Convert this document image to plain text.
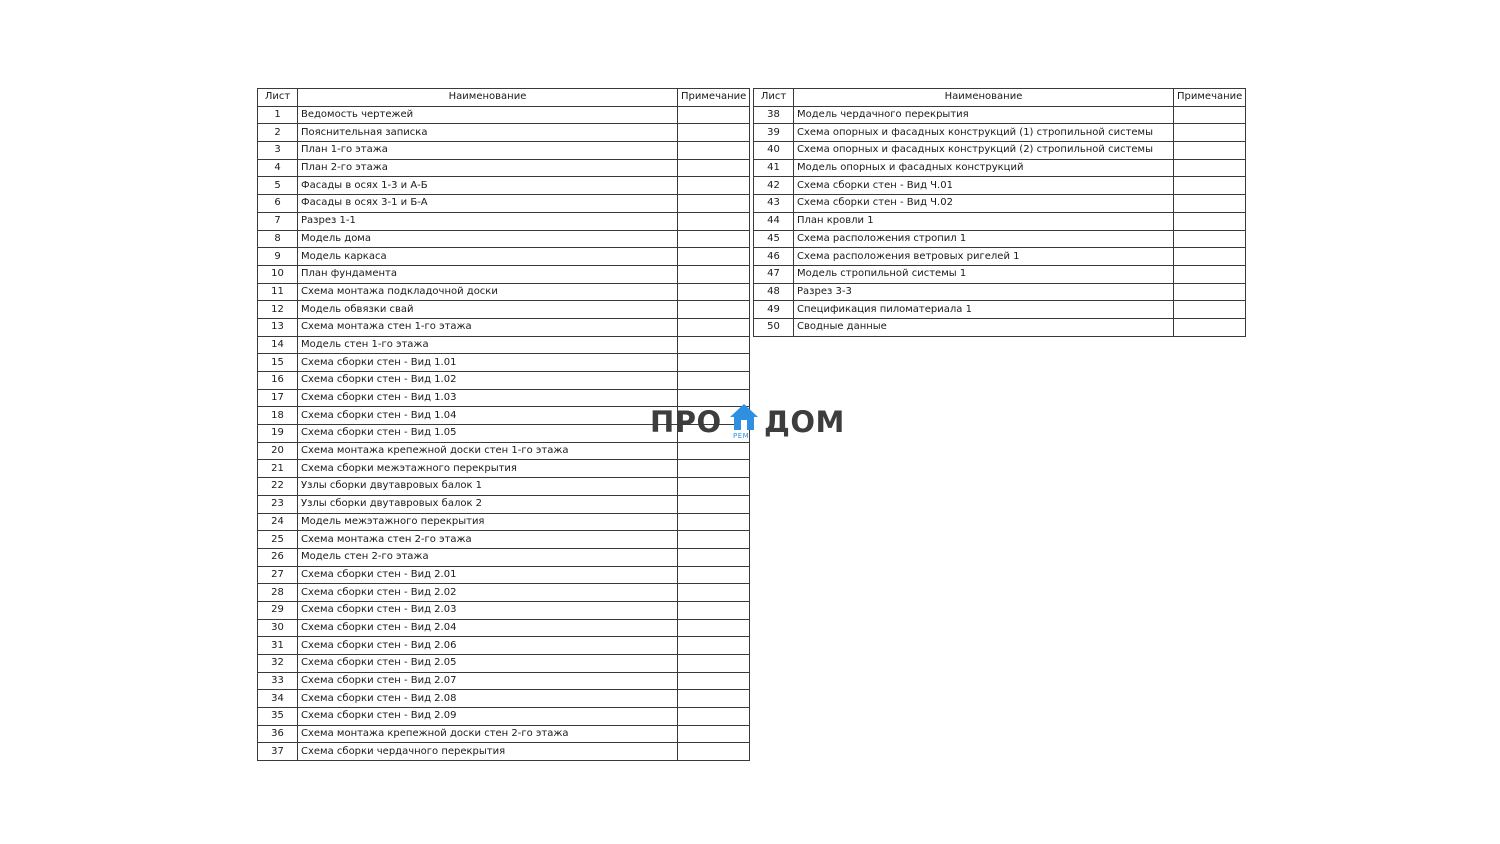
Лист	Наименование	Примечание
1	Ведомость чертежей	
2	Пояснительная записка	
3	План 1-го этажа	
4	План 2-го этажа	
5	Фасады в осях 1-3 и А-Б	
6	Фасады в осях 3-1 и Б-А	
7	Разрез 1-1	
8	Модель дома	
9	Модель каркаса	
10	План фундамента	
11	Схема монтажа подкладочной доски	
12	Модель обвязки свай	
13	Схема монтажа стен 1-го этажа	
14	Модель стен 1-го этажа	
15	Схема сборки стен - Вид 1.01	
16	Схема сборки стен - Вид 1.02	
17	Схема сборки стен - Вид 1.03	
18	Схема сборки стен - Вид 1.04	
19	Схема сборки стен - Вид 1.05	
20	Схема монтажа крепежной доски стен 1-го этажа	
21	Схема сборки межэтажного перекрытия	
22	Узлы сборки двутавровых балок 1	
23	Узлы сборки двутавровых балок 2	
24	Модель межэтажного перекрытия	
25	Схема монтажа стен 2-го этажа	
26	Модель стен 2-го этажа	
27	Схема сборки стен - Вид 2.01	
28	Схема сборки стен - Вид 2.02	
29	Схема сборки стен - Вид 2.03	
30	Схема сборки стен - Вид 2.04	
31	Схема сборки стен - Вид 2.06	
32	Схема сборки стен - Вид 2.05	
33	Схема сборки стен - Вид 2.07	
34	Схема сборки стен - Вид 2.08	
35	Схема сборки стен - Вид 2.09	
36	Схема монтажа крепежной доски стен 2-го этажа	
37	Схема сборки чердачного перекрытия	
Лист	Наименование	Примечание
38	Модель чердачного перекрытия	
39	Схема опорных и фасадных конструкций (1) стропильной системы	
40	Схема опорных и фасадных конструкций (2) стропильной системы	
41	Модель опорных и фасадных конструкций	
42	Схема сборки стен - Вид Ч.01	
43	Схема сборки стен - Вид Ч.02	
44	План кровли 1	
45	Схема расположения стропил 1	
46	Схема расположения ветровых ригелей 1	
47	Модель стропильной системы 1	
48	Разрез 3-3	
49	Спецификация пиломатериала 1	
50	Сводные данные	
ПРО РЕМ ДОМ
